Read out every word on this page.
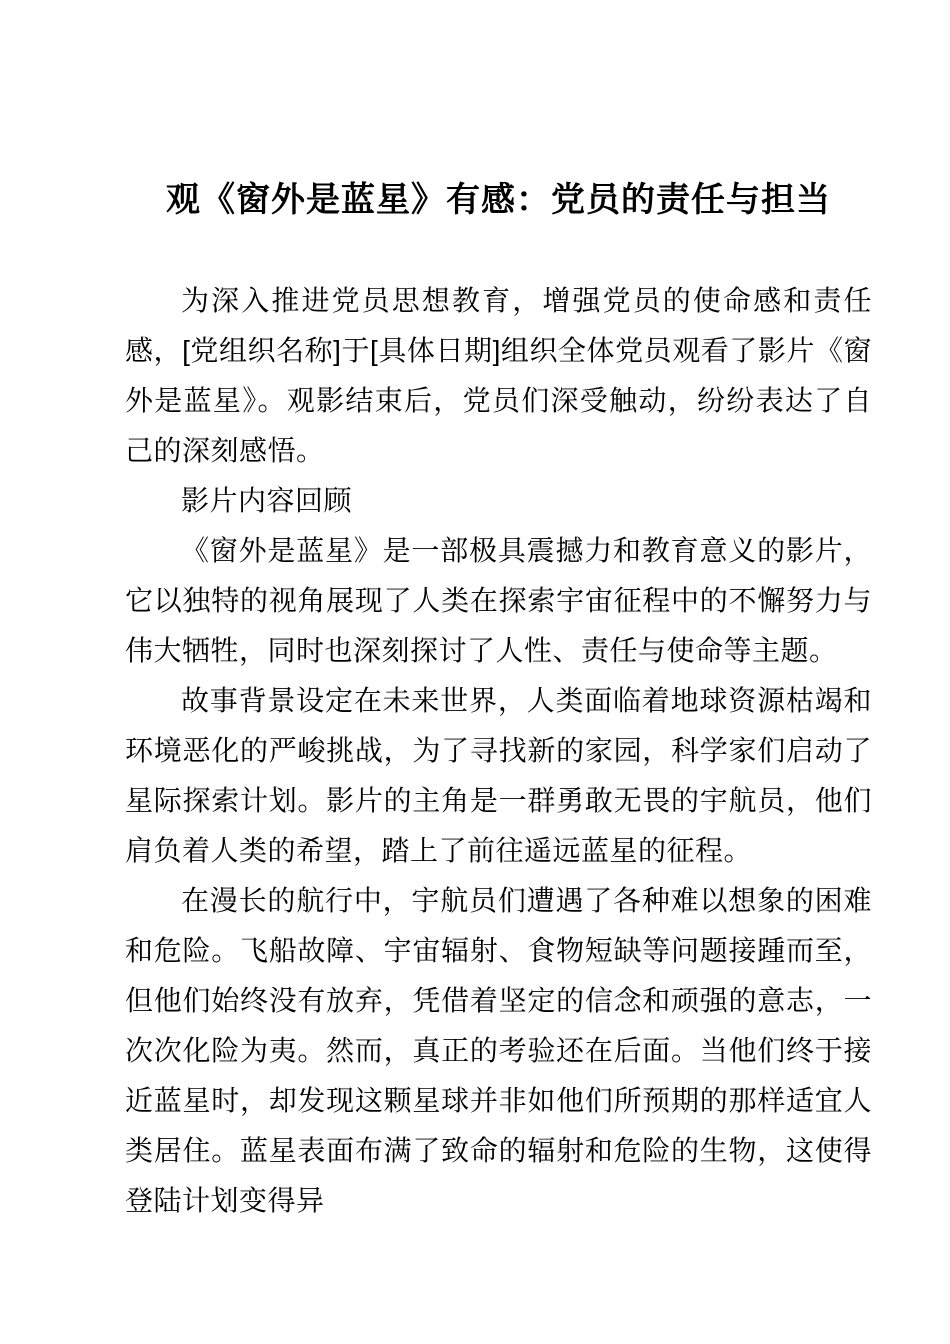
观《窗外是蓝星》有感：党员的责任与担当

为深入推进党员思想教育，增强党员的使命感和责任感，[党组织名称]于[具体日期]组织全体党员观看了影片《窗外是蓝星》。观影结束后，党员们深受触动，纷纷表达了自己的深刻感悟。

影片内容回顾

《窗外是蓝星》是一部极具震撼力和教育意义的影片，它以独特的视角展现了人类在探索宇宙征程中的不懈努力与伟大牺牲，同时也深刻探讨了人性、责任与使命等主题。

故事背景设定在未来世界，人类面临着地球资源枯竭和环境恶化的严峻挑战，为了寻找新的家园，科学家们启动了星际探索计划。影片的主角是一群勇敢无畏的宇航员，他们肩负着人类的希望，踏上了前往遥远蓝星的征程。

在漫长的航行中，宇航员们遭遇了各种难以想象的困难和危险。飞船故障、宇宙辐射、食物短缺等问题接踵而至，但他们始终没有放弃，凭借着坚定的信念和顽强的意志，一次次化险为夷。然而，真正的考验还在后面。当他们终于接近蓝星时，却发现这颗星球并非如他们所预期的那样适宜人类居住。蓝星表面布满了致命的辐射和危险的生物，这使得登陆计划变得异
